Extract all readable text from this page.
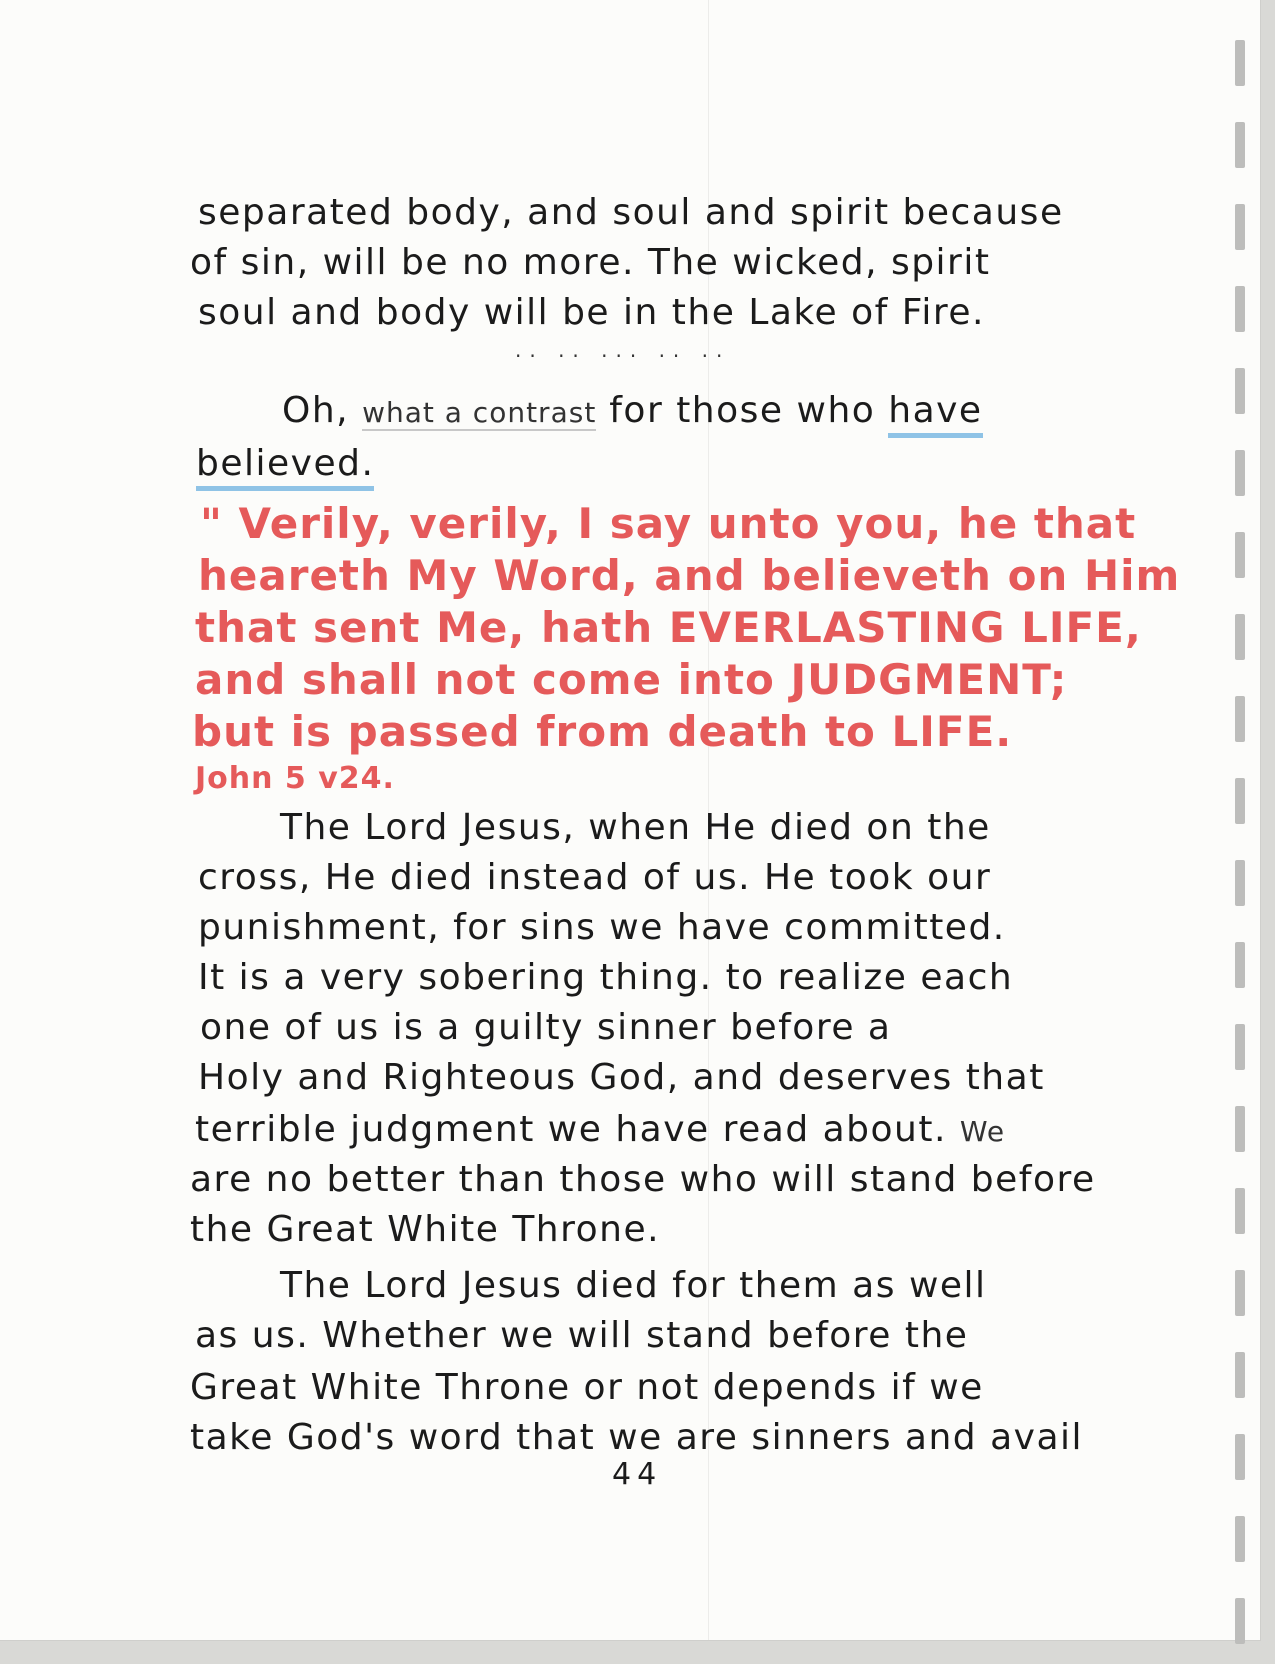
separated body, and soul and spirit because
of sin, will be no more. The wicked, spirit
soul and body will be in the Lake of Fire.
.. .. ... .. ..
Oh, what a contrast for those who have
believed.
" Verily, verily, I say unto you, he that
heareth My Word, and believeth on Him
that sent Me, hath EVERLASTING LIFE,
and shall not come into JUDGMENT;
but is passed from death to LIFE.
John 5 v24.
The Lord Jesus, when He died on the
cross, He died instead of us. He took our
punishment, for sins we have committed.
It is a very sobering thing. to realize each
one of us is a guilty sinner before a
Holy and Righteous God, and deserves that
terrible judgment we have read about. We
are no better than those who will stand before
the Great White Throne.
The Lord Jesus died for them as well
as us. Whether we will stand before the
Great White Throne or not depends if we
take God's word that we are sinners and avail
44
